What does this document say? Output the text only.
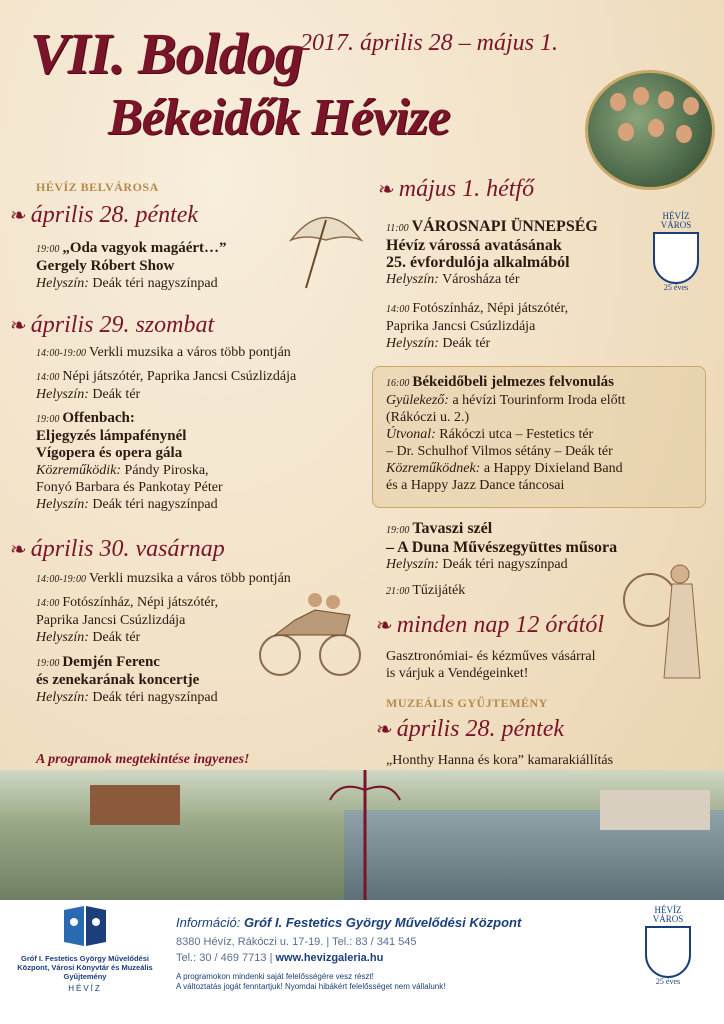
VII. Boldog
Békeidők Hévize
2017. április 28 – május 1.
HÉVÍZ BELVÁROSA
❧ április 28. péntek
19:00 „Oda vagyok magáért…”
Gergely Róbert Show
Helyszín: Deák téri nagyszínpad
❧ április 29. szombat
14:00-19:00 Verkli muzsika a város több pontján
14:00 Népi játszótér, Paprika Jancsi Csúzlizdája
Helyszín: Deák tér
19:00 Offenbach:
Eljegyzés lámpafénynél
Vígopera és opera gála
Közreműködik: Pándy Piroska,
Fonyó Barbara és Pankotay Péter
Helyszín: Deák téri nagyszínpad
❧ április 30. vasárnap
14:00-19:00 Verkli muzsika a város több pontján
14:00 Fotószínház, Népi játszótér,
Paprika Jancsi Csúzlizdája
Helyszín: Deák tér
19:00 Demjén Ferenc
és zenekarának koncertje
Helyszín: Deák téri nagyszínpad
A programok megtekintése ingyenes!
❧ május 1. hétfő
11:00 VÁROSNAPI ÜNNEPSÉG
Hévíz várossá avatásának
25. évfordulója alkalmából
Helyszín: Városháza tér
14:00 Fotószínház, Népi játszótér,
Paprika Jancsi Csúzlizdája
Helyszín: Deák tér
HÉVÍZ VÁROS
25 éves
16:00 Békeidőbeli jelmezes felvonulás
Gyülekező: a hévízi Tourinform Iroda előtt
(Rákóczi u. 2.)
Útvonal: Rákóczi utca – Festetics tér
– Dr. Schulhof Vilmos sétány – Deák tér
Közreműködnek: a Happy Dixieland Band
és a Happy Jazz Dance táncosai
19:00 Tavaszi szél
– A Duna Művészegyüttes műsora
Helyszín: Deák téri nagyszínpad
21:00 Tűzijáték
❧ minden nap 12 órától
Gasztronómiai- és kézműves vásárral
is várjuk a Vendégeinket!
MUZEÁLIS GYŰJTEMÉNY
❧ április 28. péntek
„Honthy Hanna és kora” kamarakiállítás
Gróf I. Festetics György Művelődési Központ, Városi Könyvtár és Muzeális Gyűjtemény
HÉVÍZ
Információ: Gróf I. Festetics György Művelődési Központ
8380 Hévíz, Rákóczi u. 17-19. | Tel.: 83 / 341 545
Tel.: 30 / 469 7713 | www.hevizgaleria.hu
A programokon mindenki saját felelősségére vesz részt!
A változtatás jogát fenntartjuk! Nyomdai hibákért felelősséget nem vállalunk!
HÉVÍZ VÁROS
25 éves
